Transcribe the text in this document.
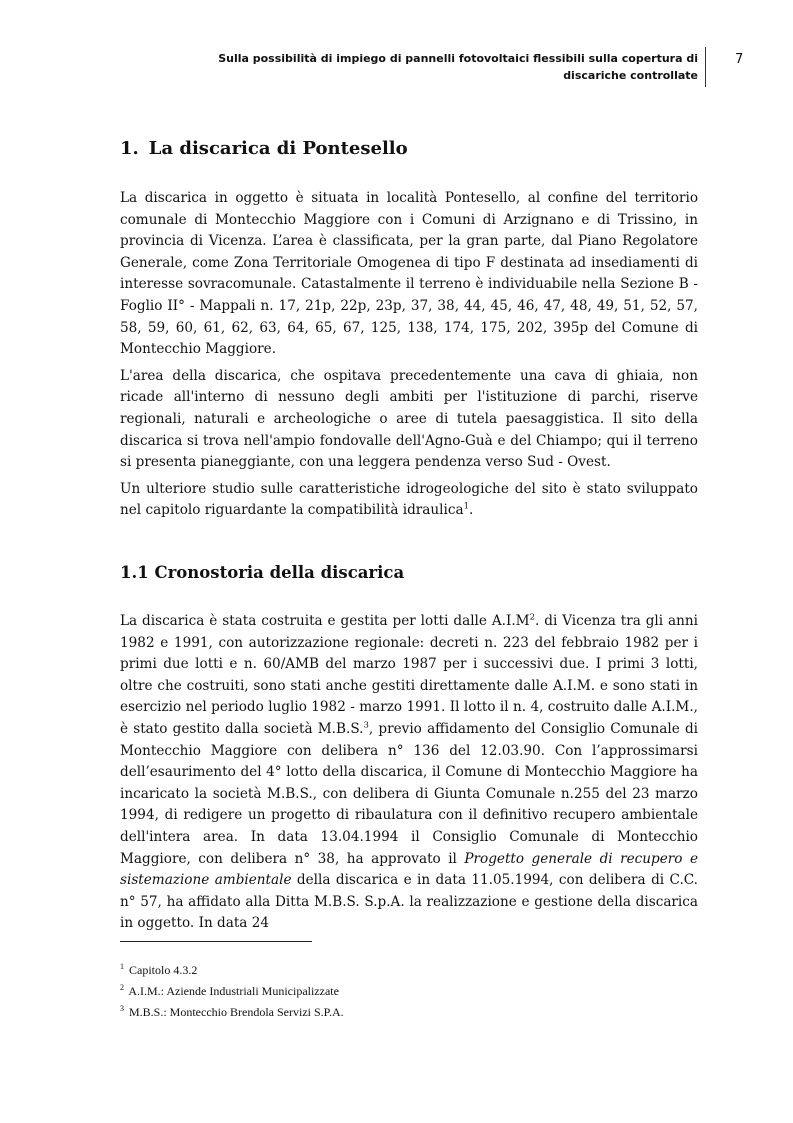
Sulla possibilità di impiego di pannelli fotovoltaici flessibili sulla copertura di
discariche controllate
7
1. La discarica di Pontesello

La discarica in oggetto è situata in località Pontesello, al confine del territorio comunale di Montecchio Maggiore con i Comuni di Arzignano e di Trissino, in provincia di Vicenza. L’area è classificata, per la gran parte, dal Piano Regolatore Generale, come Zona Territoriale Omogenea di tipo F destinata ad insediamenti di interesse sovracomunale. Catastalmente il terreno è individuabile nella Sezione B - Foglio II° - Mappali n. 17, 21p, 22p, 23p, 37, 38, 44, 45, 46, 47, 48, 49, 51, 52, 57, 58, 59, 60, 61, 62, 63, 64, 65, 67, 125, 138, 174, 175, 202, 395p del Comune di Montecchio Maggiore.

L'area della discarica, che ospitava precedentemente una cava di ghiaia, non ricade all'interno di nessuno degli ambiti per l'istituzione di parchi, riserve regionali, naturali e archeologiche o aree di tutela paesaggistica. Il sito della discarica si trova nell'ampio fondovalle dell'Agno-Guà e del Chiampo; qui il terreno si presenta pianeggiante, con una leggera pendenza verso Sud - Ovest.

Un ulteriore studio sulle caratteristiche idrogeologiche del sito è stato sviluppato nel capitolo riguardante la compatibilità idraulica$^1$.

1.1 Cronostoria della discarica

La discarica è stata costruita e gestita per lotti dalle $A.I.M^2$. di Vicenza tra gli anni 1982 e 1991, con autorizzazione regionale: decreti n. 223 del febbraio 1982 per i primi due lotti e n. 60/AMB del marzo 1987 per i successivi due. I primi 3 lotti, oltre che costruiti, sono stati anche gestiti direttamente dalle A.I.M. e sono stati in esercizio nel periodo luglio 1982 - marzo 1991. Il lotto il n. 4, costruito dalle A.I.M., è stato gestito dalla società M.B.S.$^3$, previo affidamento del Consiglio Comunale di Montecchio Maggiore con delibera n° 136 del 12.03.90. Con l’approssimarsi dell’esaurimento del 4° lotto della discarica, il Comune di Montecchio Maggiore ha incaricato la società M.B.S., con delibera di Giunta Comunale n.255 del 23 marzo 1994, di redigere un progetto di ribaulatura con il definitivo recupero ambientale dell'intera area. In data 13.04.1994 il Consiglio Comunale di Montecchio Maggiore, con delibera n° 38, ha approvato il Progetto generale di recupero e sistemazione ambientale della discarica e in data 11.05.1994, con delibera di C.C. n° 57, ha affidato alla Ditta M.B.S. S.p.A. la realizzazione e gestione della discarica in oggetto. In data 24

$^1$ Capitolo 4.3.2
$^2$ A.I.M.: Aziende Industriali Municipalizzate
$^3$ M.B.S.: Montecchio Brendola Servizi S.P.A.
